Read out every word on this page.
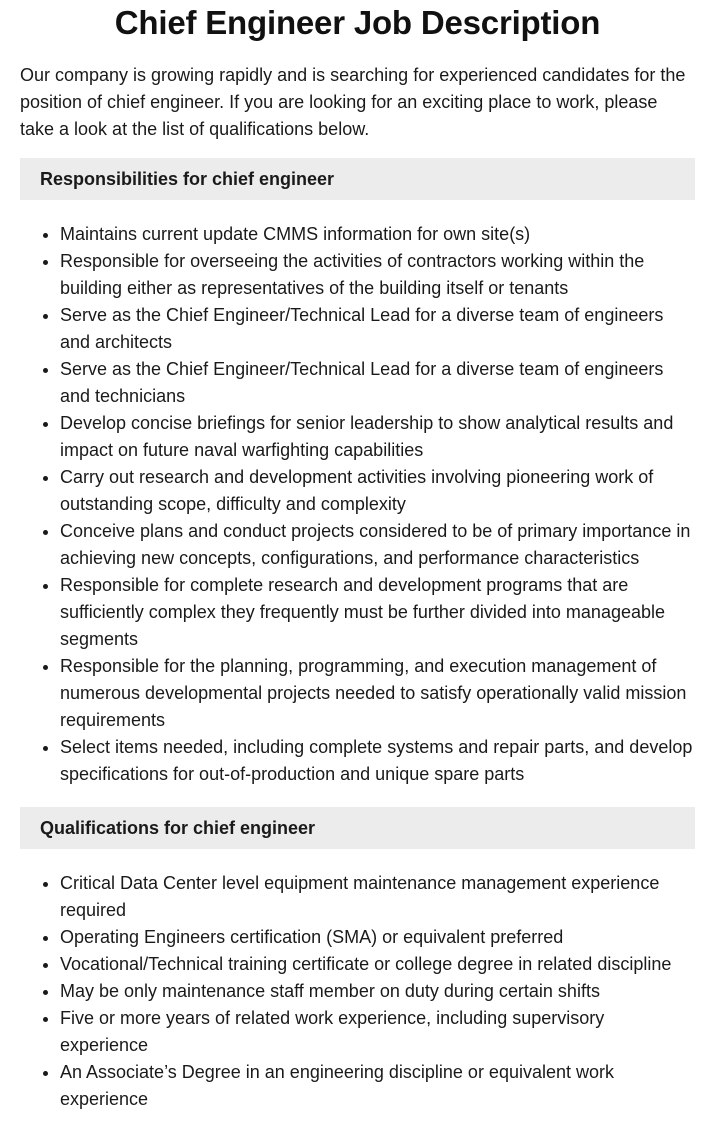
Chief Engineer Job Description

Our company is growing rapidly and is searching for experienced candidates for the position of chief engineer. If you are looking for an exciting place to work, please take a look at the list of qualifications below.

Responsibilities for chief engineer
• Maintains current update CMMS information for own site(s)
• Responsible for overseeing the activities of contractors working within the building either as representatives of the building itself or tenants
• Serve as the Chief Engineer/Technical Lead for a diverse team of engineers and architects
• Serve as the Chief Engineer/Technical Lead for a diverse team of engineers and technicians
• Develop concise briefings for senior leadership to show analytical results and impact on future naval warfighting capabilities
• Carry out research and development activities involving pioneering work of outstanding scope, difficulty and complexity
• Conceive plans and conduct projects considered to be of primary importance in achieving new concepts, configurations, and performance characteristics
• Responsible for complete research and development programs that are sufficiently complex they frequently must be further divided into manageable segments
• Responsible for the planning, programming, and execution management of numerous developmental projects needed to satisfy operationally valid mission requirements
• Select items needed, including complete systems and repair parts, and develop specifications for out-of-production and unique spare parts
Qualifications for chief engineer
• Critical Data Center level equipment maintenance management experience required
• Operating Engineers certification (SMA) or equivalent preferred
• Vocational/Technical training certificate or college degree in related discipline
• May be only maintenance staff member on duty during certain shifts
• Five or more years of related work experience, including supervisory experience
• An Associate’s Degree in an engineering discipline or equivalent work experience
